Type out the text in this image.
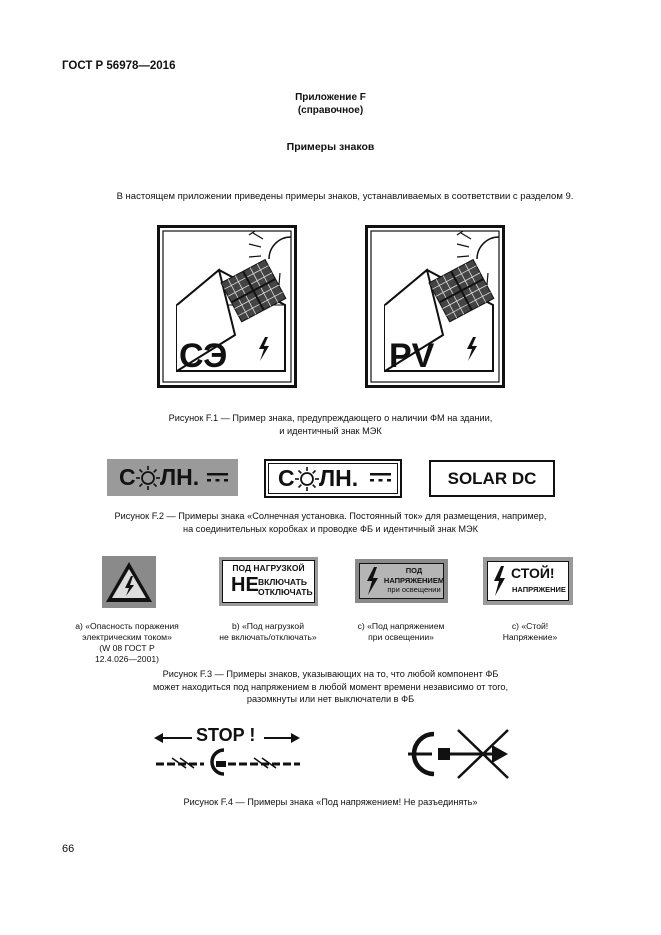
ГОСТ Р 56978—2016
Приложение F
(справочное)
Примеры знаков
В настоящем приложении приведены примеры знаков, устанавливаемых в соответствии с разделом 9.
СЭ	PV
Рисунок F.1 — Пример знака, предупреждающего о наличии ФМ на здании,
и идентичный знак МЭК
С ЛН.	С ЛН.	SOLAR DC
Рисунок F.2 — Примеры знака «Солнечная установка. Постоянный ток» для размещения, например,
на соединительных коробках и проводке ФБ и идентичный знак МЭК
ПОД НАГРУЗКОЙ
НЕ ВКЛЮЧАТЬ
ОТКЛЮЧАТЬ
ПОД
НАПРЯЖЕНИЕМ
при освещении
СТОЙ!
НАПРЯЖЕНИЕ
a) «Опасность поражения
электрическим током»
(W 08 ГОСТ Р
12.4.026—2001)
b) «Под нагрузкой
не включать/отключать»
c) «Под напряжением
при освещении»
c) «Стой!
Напряжение»
Рисунок F.3 — Примеры знаков, указывающих на то, что любой компонент ФБ
может находиться под напряжением в любой момент времени независимо от того,
разомкнуты или нет выключатели в ФБ
STOP !
Рисунок F.4 — Примеры знака «Под напряжением! Не разъединять»
66
